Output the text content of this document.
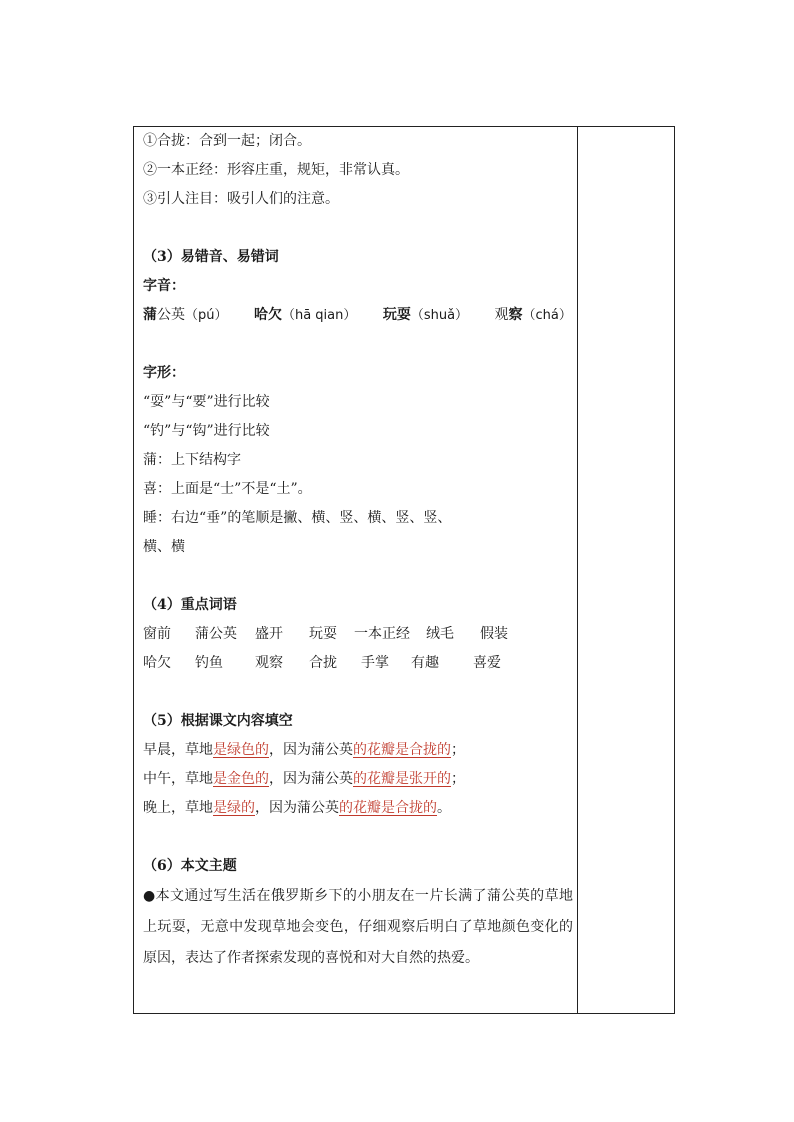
①合拢：合到一起；闭合。
②一本正经：形容庄重，规矩，非常认真。
③引人注目：吸引人们的注意。
（3）易错音、易错词
字音：
蒲公英（pú） 哈欠（hā qian） 玩耍（shuǎ） 观察（chá）
字形：
“耍”与“要”进行比较
“钓”与“钩”进行比较
蒲：上下结构字
喜：上面是“士”不是“土”。
睡：右边“垂”的笔顺是撇、横、竖、横、竖、竖、
横、横
（4）重点词语
窗前 蒲公英 盛开 玩耍 一本正经 绒毛 假装
哈欠 钓鱼 观察 合拢 手掌 有趣 喜爱
（5）根据课文内容填空
早晨，草地是绿色的，因为蒲公英的花瓣是合拢的；
中午，草地是金色的，因为蒲公英的花瓣是张开的；
晚上，草地是绿的，因为蒲公英的花瓣是合拢的。
（6）本文主题
●本文通过写生活在俄罗斯乡下的小朋友在一片长满了蒲公英的草地上玩耍，无意中发现草地会变色，仔细观察后明白了草地颜色变化的原因，表达了作者探索发现的喜悦和对大自然的热爱。
